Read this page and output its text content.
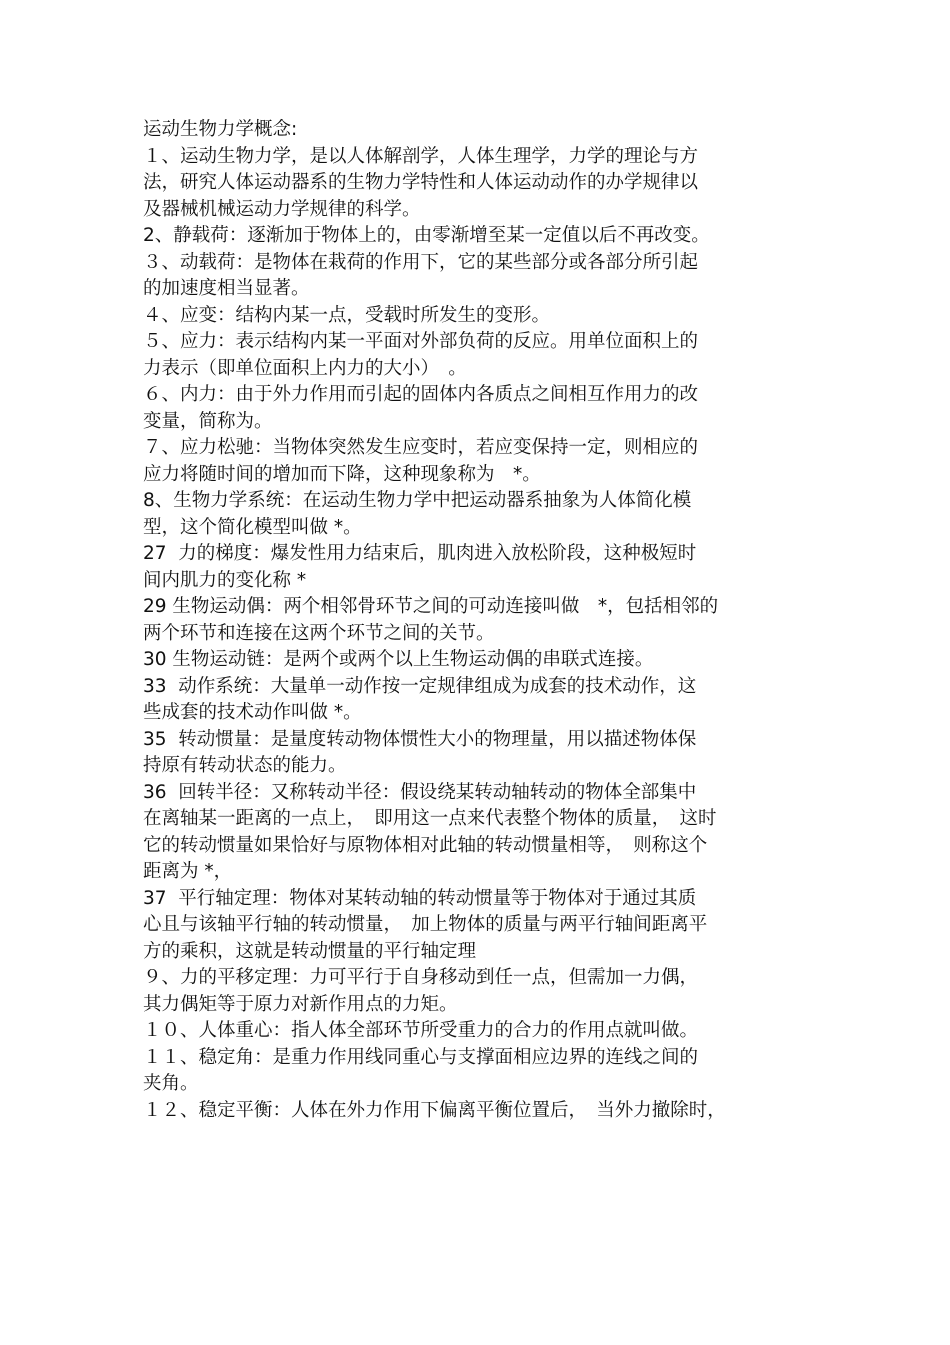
运动生物力学概念:
１、运动生物力学，是以人体解剖学，人体生理学，力学的理论与方
法，研究人体运动器系的生物力学特性和人体运动动作的办学规律以
及器械机械运动力学规律的科学。
2、静载荷：逐渐加于物体上的，由零渐增至某一定值以后不再改变。
３、动载荷：是物体在栽荷的作用下，它的某些部分或各部分所引起
的加速度相当显著。
４、应变：结构内某一点，受载时所发生的变形。
５、应力：表示结构内某一平面对外部负荷的反应。用单位面积上的
力表示（即单位面积上内力的大小）　。
６、内力：由于外力作用而引起的固体内各质点之间相互作用力的改
变量，简称为。
７、应力松驰：当物体突然发生应变时，若应变保持一定，则相应的
应力将随时间的增加而下降，这种现象称为　*。
8、生物力学系统：在运动生物力学中把运动器系抽象为人体简化模
型，这个简化模型叫做 *。
27  力的梯度：爆发性用力结束后，肌肉进入放松阶段，这种极短时
间内肌力的变化称 *
29 生物运动偶：两个相邻骨环节之间的可动连接叫做　*，包括相邻的
两个环节和连接在这两个环节之间的关节。
30 生物运动链：是两个或两个以上生物运动偶的串联式连接。
33  动作系统：大量单一动作按一定规律组成为成套的技术动作，这
些成套的技术动作叫做 *。
35  转动惯量：是量度转动物体惯性大小的物理量，用以描述物体保
持原有转动状态的能力。
36  回转半径：又称转动半径：假设绕某转动轴转动的物体全部集中
在离轴某一距离的一点上，　即用这一点来代表整个物体的质量，　这时
它的转动惯量如果恰好与原物体相对此轴的转动惯量相等，　则称这个
距离为 *，
37  平行轴定理：物体对某转动轴的转动惯量等于物体对于通过其质
心且与该轴平行轴的转动惯量，　加上物体的质量与两平行轴间距离平
方的乘积，这就是转动惯量的平行轴定理
９、力的平移定理：力可平行于自身移动到任一点，但需加一力偶，
其力偶矩等于原力对新作用点的力矩。
１０、人体重心：指人体全部环节所受重力的合力的作用点就叫做。
１１、稳定角：是重力作用线同重心与支撑面相应边界的连线之间的
夹角。
１２、稳定平衡：人体在外力作用下偏离平衡位置后，　当外力撤除时，
